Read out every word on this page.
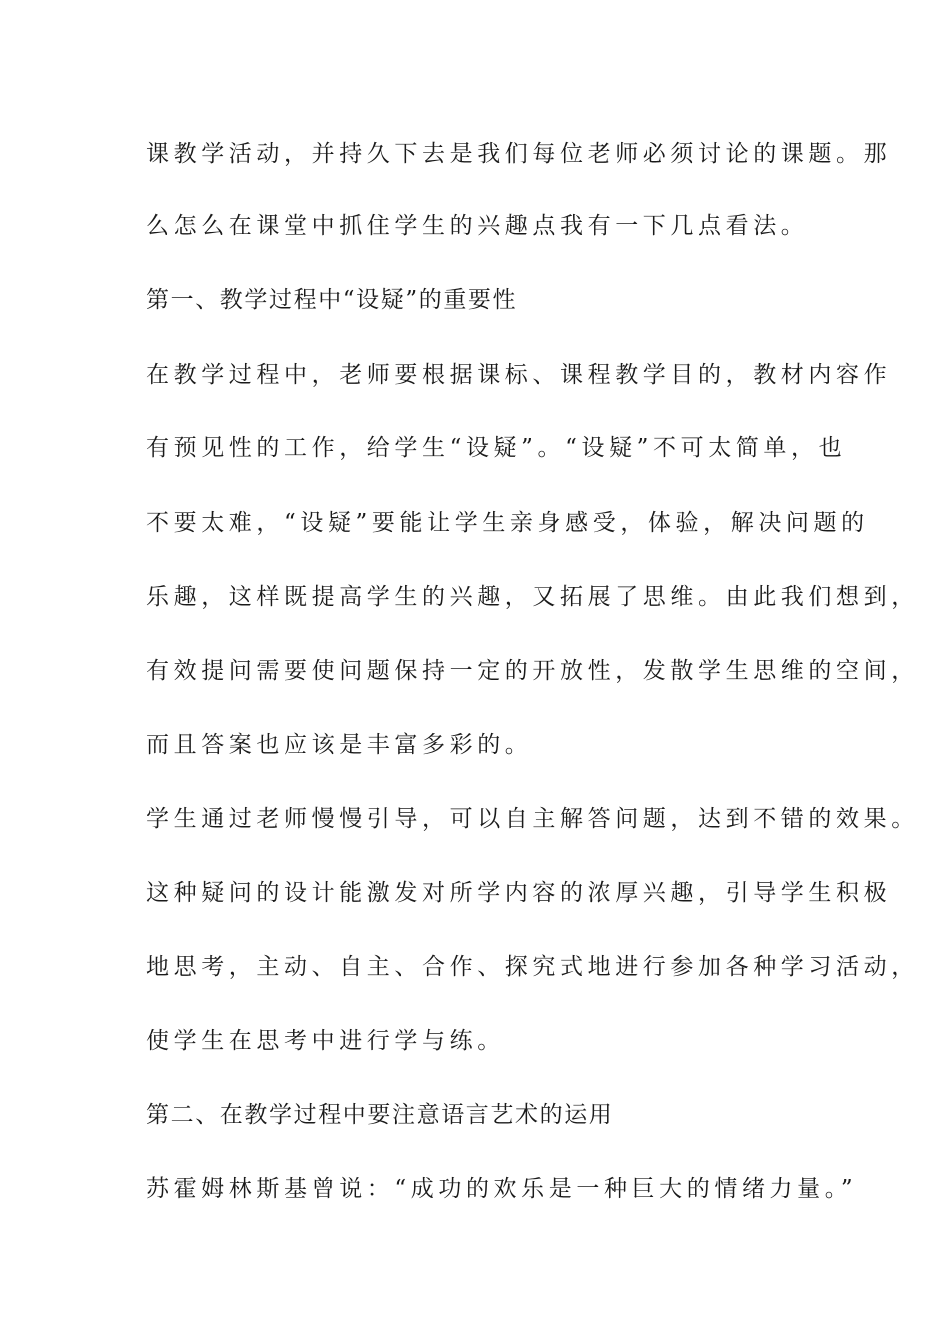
课教学活动，并持久下去是我们每位老师必须讨论的课题。那
么怎么在课堂中抓住学生的兴趣点我有一下几点看法。
第一、教学过程中“设疑”的重要性
在教学过程中，老师要根据课标、课程教学目的，教材内容作
有预见性的工作，给学生“设疑”。“设疑”不可太简单，也
不要太难，“设疑”要能让学生亲身感受，体验，解决问题的
乐趣，这样既提高学生的兴趣，又拓展了思维。由此我们想到，
有效提问需要使问题保持一定的开放性，发散学生思维的空间，
而且答案也应该是丰富多彩的。
学生通过老师慢慢引导，可以自主解答问题，达到不错的效果。
这种疑问的设计能激发对所学内容的浓厚兴趣，引导学生积极
地思考，主动、自主、合作、探究式地进行参加各种学习活动，
使学生在思考中进行学与练。
第二、在教学过程中要注意语言艺术的运用
苏霍姆林斯基曾说：“成功的欢乐是一种巨大的情绪力量。”
